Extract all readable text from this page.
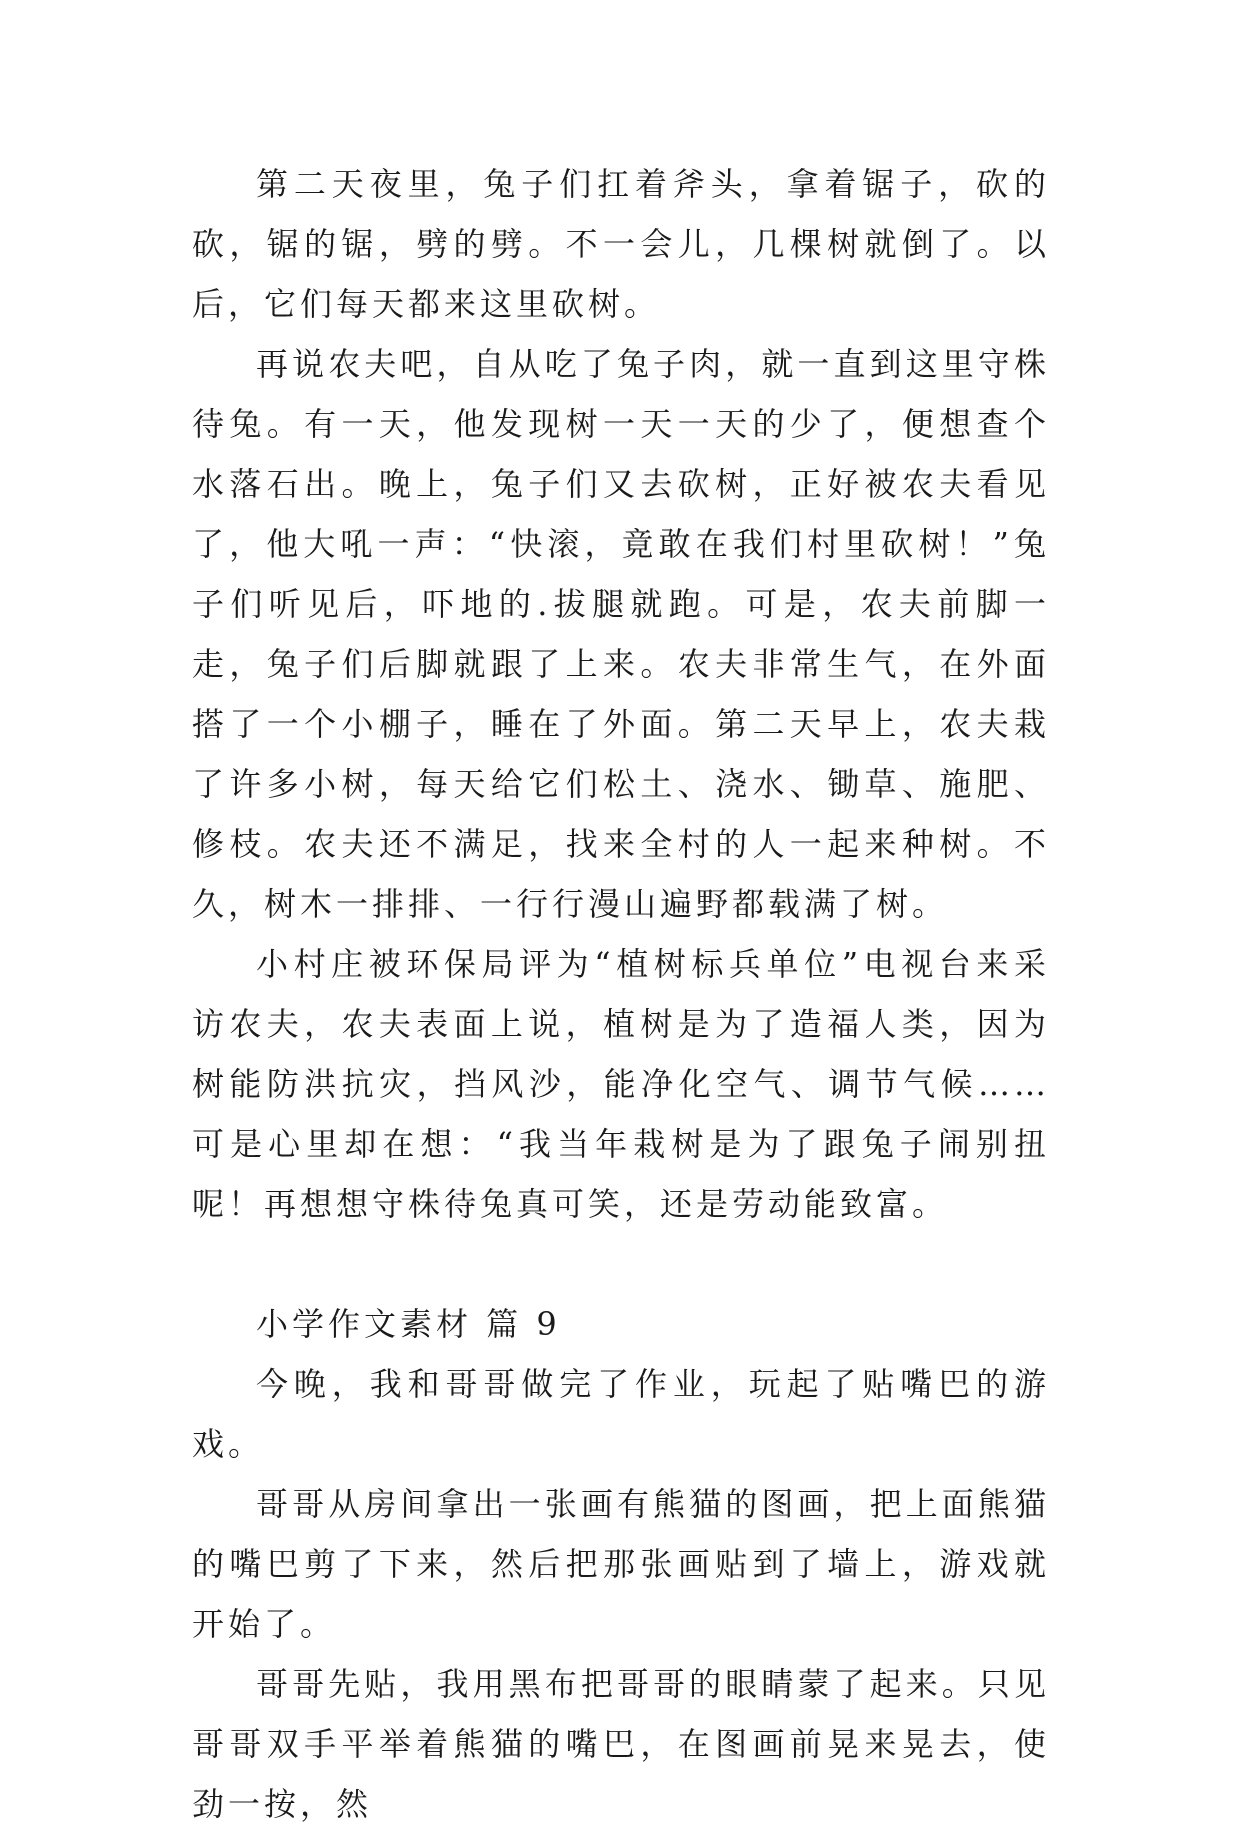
第二天夜里，兔子们扛着斧头，拿着锯子，砍的砍，锯的锯，劈的劈。不一会儿，几棵树就倒了。以后，它们每天都来这里砍树。

再说农夫吧，自从吃了兔子肉，就一直到这里守株待兔。有一天，他发现树一天一天的少了，便想查个水落石出。晚上，兔子们又去砍树，正好被农夫看见了，他大吼一声：“快滚，竟敢在我们村里砍树！”兔子们听见后，吓地的.拔腿就跑。可是，农夫前脚一走，兔子们后脚就跟了上来。农夫非常生气，在外面搭了一个小棚子，睡在了外面。第二天早上，农夫栽了许多小树，每天给它们松土、浇水、锄草、施肥、修枝。农夫还不满足，找来全村的人一起来种树。不久，树木一排排、一行行漫山遍野都载满了树。

小村庄被环保局评为“植树标兵单位”电视台来采访农夫，农夫表面上说，植树是为了造福人类，因为树能防洪抗灾，挡风沙，能净化空气、调节气候……可是心里却在想：“我当年栽树是为了跟兔子闹别扭呢！再想想守株待兔真可笑，还是劳动能致富。

小学作文素材 篇 9

今晚，我和哥哥做完了作业，玩起了贴嘴巴的游戏。

哥哥从房间拿出一张画有熊猫的图画，把上面熊猫的嘴巴剪了下来，然后把那张画贴到了墙上，游戏就开始了。

哥哥先贴，我用黑布把哥哥的眼睛蒙了起来。只见哥哥双手平举着熊猫的嘴巴，在图画前晃来晃去，使劲一按，然
